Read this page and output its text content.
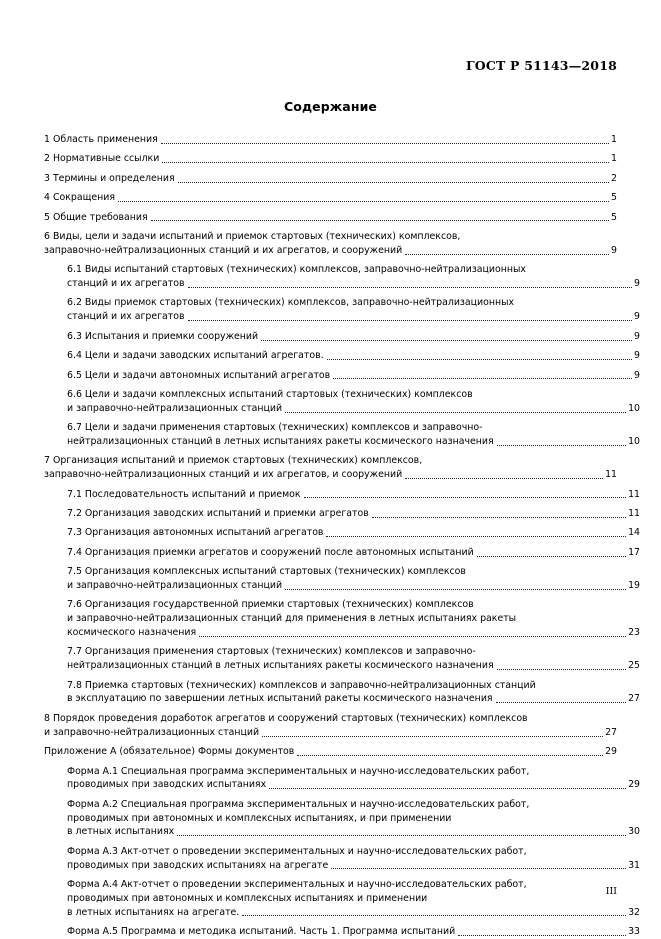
ГОСТ Р 51143—2018
Содержание
1 Область применения	1
2 Нормативные ссылки	1
3 Термины и определения	2
4 Сокращения	5
5 Общие требования	5
6 Виды, цели и задачи испытаний и приемок стартовых (технических) комплексов,
заправочно-нейтрализационных станций и их агрегатов, и сооружений	9
6.1 Виды испытаний стартовых (технических) комплексов, заправочно-нейтрализационных
станций и их агрегатов	9
6.2 Виды приемок стартовых (технических) комплексов, заправочно-нейтрализационных
станций и их агрегатов	9
6.3 Испытания и приемки сооружений	9
6.4 Цели и задачи заводских испытаний агрегатов.	9
6.5 Цели и задачи автономных испытаний агрегатов	9
6.6 Цели и задачи комплексных испытаний стартовых (технических) комплексов
и заправочно-нейтрализационных станций	10
6.7 Цели и задачи применения стартовых (технических) комплексов и заправочно-
нейтрализационных станций в летных испытаниях ракеты космического назначения	10
7 Организация испытаний и приемок стартовых (технических) комплексов,
заправочно-нейтрализационных станций и их агрегатов, и сооружений	11
7.1 Последовательность испытаний и приемок	11
7.2 Организация заводских испытаний и приемки агрегатов	11
7.3 Организация автономных испытаний агрегатов	14
7.4 Организация приемки агрегатов и сооружений после автономных испытаний	17
7.5 Организация комплексных испытаний стартовых (технических) комплексов
и заправочно-нейтрализационных станций	19
7.6 Организация государственной приемки стартовых (технических) комплексов
и заправочно-нейтрализационных станций для применения в летных испытаниях ракеты
космического назначения	23
7.7 Организация применения стартовых (технических) комплексов и заправочно-
нейтрализационных станций в летных испытаниях ракеты космического назначения	25
7.8 Приемка стартовых (технических) комплексов и заправочно-нейтрализационных станций
в эксплуатацию по завершении летных испытаний ракеты космического назначения	27
8 Порядок проведения доработок агрегатов и сооружений стартовых (технических) комплексов
и заправочно-нейтрализационных станций	27
Приложение А (обязательное) Формы документов	29
Форма А.1 Специальная программа экспериментальных и научно-исследовательских работ,
проводимых при заводских испытаниях	29
Форма А.2 Специальная программа экспериментальных и научно-исследовательских работ,
проводимых при автономных и комплексных испытаниях, и при применении
в летных испытаниях	30
Форма А.3 Акт-отчет о проведении экспериментальных и научно-исследовательских работ,
проводимых при заводских испытаниях на агрегате	31
Форма А.4 Акт-отчет о проведении экспериментальных и научно-исследовательских работ,
проводимых при автономных и комплексных испытаниях и применении
в летных испытаниях на агрегате.	32
Форма А.5 Программа и методика испытаний. Часть 1. Программа испытаний	33
III
